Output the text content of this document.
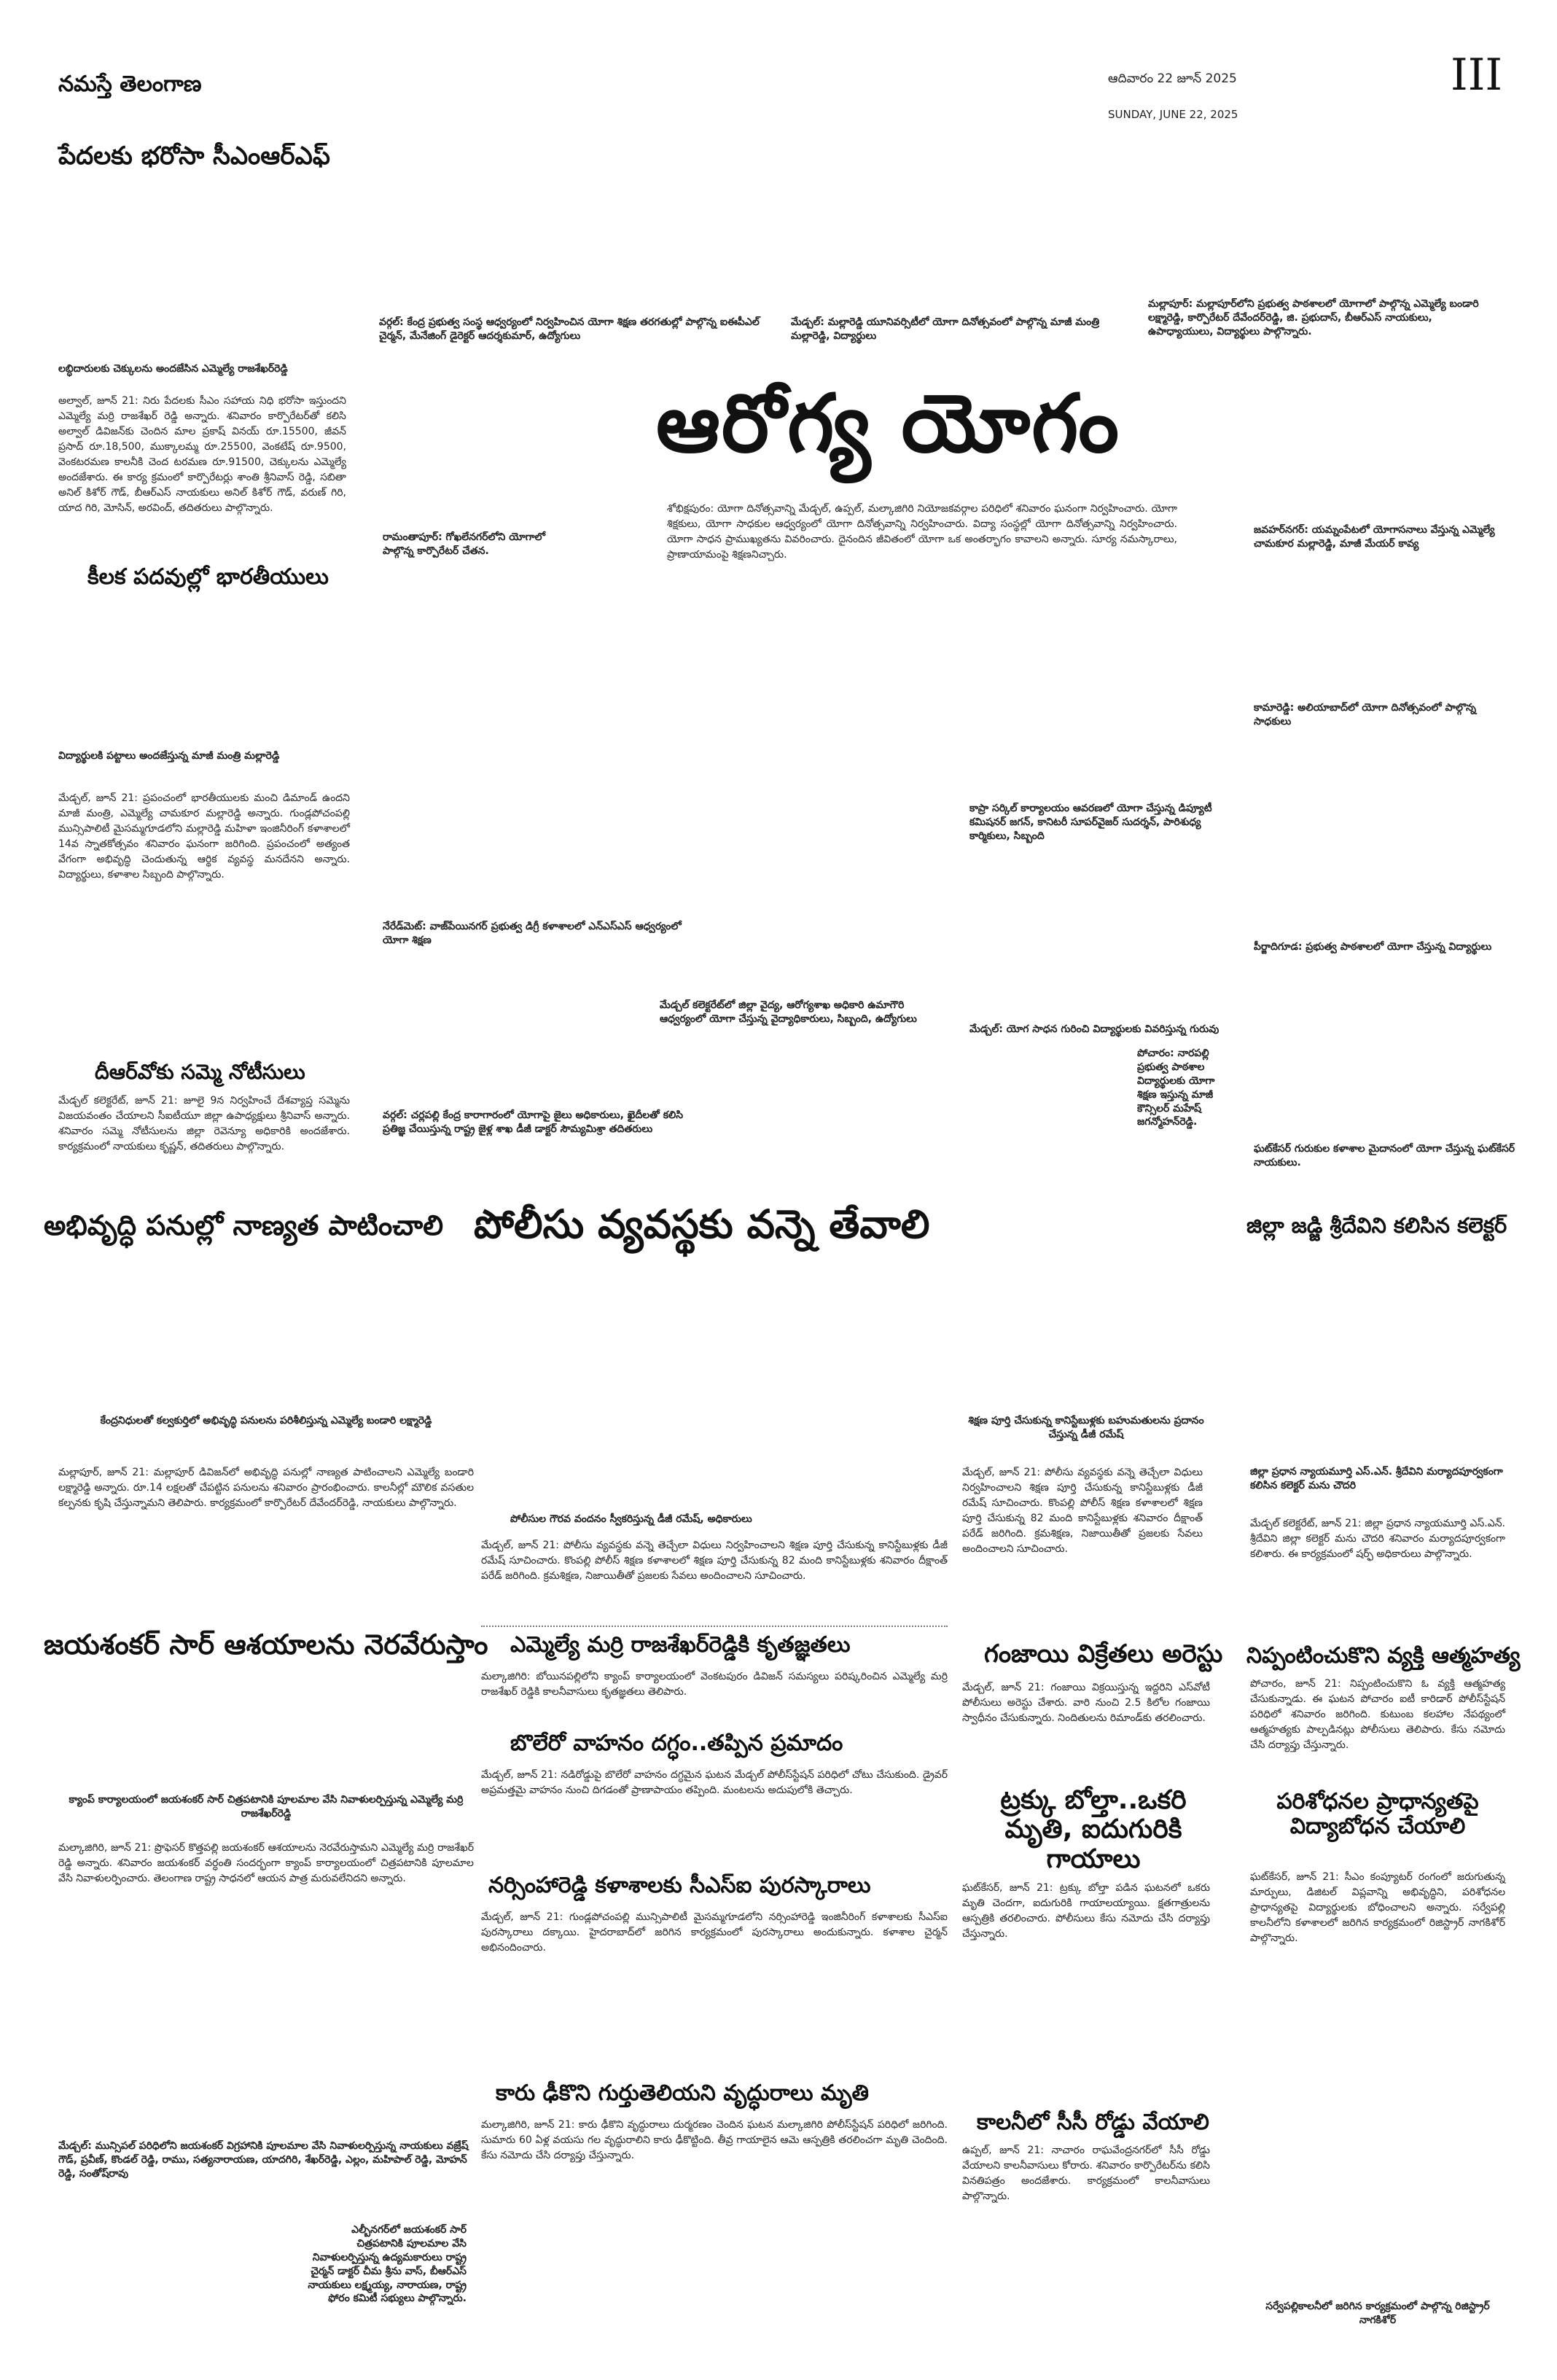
నమస్తే తెలంగాణ	ఆదివారం 22 జూన్ 2025
SUNDAY, JUNE 22, 2025
III
పేదలకు భరోసా సీఎంఆర్ఎఫ్
లబ్ధిదారులకు చెక్కులను అందజేసిన ఎమ్మెల్యే రాజశేఖర్‌రెడ్డి
అల్వాల్, జూన్ 21: నిరు పేదలకు సీఎం సహాయ నిధి భరోసా ఇస్తుందని ఎమ్మెల్యే మర్రి రాజశేఖర్ రెడ్డి అన్నారు. శనివారం కార్పొరేటర్‌తో కలిసి అల్వాల్ డివిజన్‌కు చెందిన మాల ప్రకాష్ వినయ్ రూ.15500, జీవన్ ప్రసాద్ రూ.18,500, ముక్కాలమ్మ రూ.25500, వెంకటేష్ రూ.9500, వెంకటరమణ కాలనీకి చెంద టరమణ రూ.91500, చెక్కులను ఎమ్మెల్యే అందజేశారు. ఈ కార్య క్రమంలో కార్పొరేటర్లు శాంతి శ్రీనివాస్ రెడ్డి, సబితా అనిల్ కిశోర్ గౌడ్, బీఆర్ఎస్ నాయకులు అనిల్ కిశోర్ గౌడ్, వరుణ్ గిరి, యాద గిరి, మోసిన్, అరవింద్, తదితరులు పాల్గొన్నారు.
కీలక పదవుల్లో భారతీయులు
విద్యార్థులకి పట్టాలు అందజేస్తున్న మాజీ మంత్రి మల్లారెడ్డి
మేడ్చల్, జూన్ 21: ప్రపంచంలో భారతీయులకు మంచి డిమాండ్ ఉందని మాజీ మంత్రి, ఎమ్మెల్యే చామకూర మల్లారెడ్డి అన్నారు. గుండ్లపోచంపల్లి మున్సిపాలిటీ మైసమ్మగూడలోని మల్లారెడ్డి మహిళా ఇంజినీరింగ్ కళాశాలలో 14వ స్నాతకోత్సవం శనివారం ఘనంగా జరిగింది. ప్రపంచంలో అత్యంత వేగంగా అభివృద్ధి చెందుతున్న ఆర్థిక వ్యవస్థ మనదేనని అన్నారు. విద్యార్థులు, కళాశాల సిబ్బంది పాల్గొన్నారు.
దీఆర్‌వోకు సమ్మె నోటీసులు
మేడ్చల్ కలెక్టరేట్, జూన్ 21: జూలై 9న నిర్వహించే దేశవ్యాప్త సమ్మెను విజయవంతం చేయాలని సీఐటీయూ జిల్లా ఉపాధ్యక్షులు శ్రీనివాస్ అన్నారు. శనివారం సమ్మె నోటీసులను జిల్లా రెవెన్యూ అధికారికి అందజేశారు. కార్యక్రమంలో నాయకులు కృష్ణన్, తదితరులు పాల్గొన్నారు.
ఆరోగ్య యోగం
వర్గల్: కేంద్ర ప్రభుత్వ సంస్థ ఆధ్వర్యంలో నిర్వహించిన యోగా శిక్షణ తరగతుల్లో పాల్గొన్న ఐఈపీఎల్ చైర్మన్, మేనేజింగ్ డైరెక్టర్ ఆదర్శకుమార్, ఉద్యోగులు
మేడ్చల్: మల్లారెడ్డి యూనివర్సిటీలో యోగా దినోత్సవంలో పాల్గొన్న మాజీ మంత్రి మల్లారెడ్డి, విద్యార్థులు
మల్లాపూర్: మల్లాపూర్‌లోని ప్రభుత్వ పాఠశాలలో యోగాలో పాల్గొన్న ఎమ్మెల్యే బండారి లక్ష్మారెడ్డి, కార్పొరేటర్ దేవేందర్‌రెడ్డి, జి. ప్రభుదాస్, బీఆర్ఎస్ నాయకులు, ఉపాధ్యాయులు, విద్యార్థులు పాల్గొన్నారు.
రామంతాపూర్: గోఖలేనగర్‌లోని యోగాలో పాల్గొన్న కార్పొరేటర్ చేతన.
శోభిక్షపురం: యోగా దినోత్సవాన్ని మేడ్చల్, ఉప్పల్, మల్కాజిగిరి నియోజకవర్గాల పరిధిలో శనివారం ఘనంగా నిర్వహించారు. యోగా శిక్షకులు, యోగా సాధకుల ఆధ్వర్యంలో యోగా దినోత్సవాన్ని నిర్వహించారు. విద్యా సంస్థల్లో యోగా దినోత్సవాన్ని నిర్వహించారు. యోగా సాధన ప్రాముఖ్యతను వివరించారు. దైనందిన జీవితంలో యోగా ఒక అంతర్భాగం కావాలని అన్నారు. సూర్య నమస్కారాలు, ప్రాణాయామంపై శిక్షణనిచ్చారు.
జవహర్‌నగర్: యమ్నంపేటలో యోగాసనాలు వేస్తున్న ఎమ్మెల్యే చామకూర మల్లారెడ్డి, మాజీ మేయర్ కావ్య
కామారెడ్డి: అలియాబాద్‌లో యోగా దినోత్సవంలో పాల్గొన్న సాధకులు
కాప్రా సర్కిల్ కార్యాలయం ఆవరణలో యోగా చేస్తున్న డిప్యూటీ కమిషనర్ జగన్, కానిటరీ సూపర్‌వైజర్ సుదర్శన్, పారిశుధ్య కార్మికులు, సిబ్బంది
నేరేడ్‌మెట్: వాజ్‌పేయినగర్ ప్రభుత్వ డిగ్రీ కళాశాలలో ఎన్ఎస్ఎస్ ఆధ్వర్యంలో యోగా శిక్షణ
పీర్జాదిగూడ: ప్రభుత్వ పాఠశాలలో యోగా చేస్తున్న విద్యార్థులు
మేడ్చల్ కలెక్టరేట్‌లో జిల్లా వైద్య, ఆరోగ్యశాఖ అధికారి ఉమాగౌరి ఆధ్వర్యంలో యోగా చేస్తున్న వైద్యాధికారులు, సిబ్బంది, ఉద్యోగులు
మేడ్చల్: యోగ సాధన గురించి విద్యార్థులకు వివరిస్తున్న గురువు
పోచారం: నారపల్లి ప్రభుత్వ పాఠశాల విద్యార్థులకు యోగా శిక్షణ ఇస్తున్న మాజీ కౌన్సిలర్ మహేష్ జగన్మోహన్‌రెడ్డి.
వర్గల్: చర్లపల్లి కేంద్ర కారాగారంలో యోగాపై జైలు అధికారులు, ఖైదీలతో కలిసి ప్రతిజ్ఞ చేయిస్తున్న రాష్ట్ర జైళ్ల శాఖ డీజీ డాక్టర్ సౌమ్యమిశ్రా తదితరులు
ఘట్‌కేసర్ గురుకుల కళాశాల మైదానంలో యోగా చేస్తున్న ఘట్‌కేసర్ నాయకులు.
అభివృద్ధి పనుల్లో నాణ్యత పాటించాలి పోలీసు వ్యవస్థకు వన్నె తేవాలి	జిల్లా జడ్జి శ్రీదేవిని కలిసిన కలెక్టర్
కేంద్రనిధులతో కల్వకుర్తిలో అభివృద్ధి పనులను పరిశీలిస్తున్న ఎమ్మెల్యే బండారి లక్ష్మారెడ్డి
మల్లాపూర్, జూన్ 21: మల్లాపూర్ డివిజన్‌లో అభివృద్ధి పనుల్లో నాణ్యత పాటించాలని ఎమ్మెల్యే బండారి లక్ష్మారెడ్డి అన్నారు. రూ.14 లక్షలతో చేపట్టిన పనులను శనివారం ప్రారంభించారు. కాలనీల్లో మౌలిక వసతుల కల్పనకు కృషి చేస్తున్నామని తెలిపారు. కార్యక్రమంలో కార్పొరేటర్ దేవేందర్‌రెడ్డి, నాయకులు పాల్గొన్నారు.
జయశంకర్ సార్ ఆశయాలను నెరవేరుస్తాం
క్యాంప్ కార్యాలయంలో జయశంకర్ సార్ చిత్రపటానికి పూలమాల వేసి నివాళులర్పిస్తున్న ఎమ్మెల్యే మర్రి రాజశేఖర్‌రెడ్డి
మల్కాజిగిరి, జూన్ 21: ప్రొఫెసర్ కొత్తపల్లి జయశంకర్ ఆశయాలను నెరవేరుస్తామని ఎమ్మెల్యే మర్రి రాజశేఖర్ రెడ్డి అన్నారు. శనివారం జయశంకర్ వర్ధంతి సందర్భంగా క్యాంప్ కార్యాలయంలో చిత్రపటానికి పూలమాల వేసి నివాళులర్పించారు. తెలంగాణ రాష్ట్ర సాధనలో ఆయన పాత్ర మరువలేనిదని అన్నారు.
మేడ్చల్: మున్సిపల్ పరిధిలోని జయశంకర్ విగ్రహానికి పూలమాల వేసి నివాళులర్పిస్తున్న నాయకులు వజ్రేష్ గౌడ్, ప్రవీణ్, కొండల్ రెడ్డి, రాము, సత్యనారాయణ, యాదగిరి, శేఖర్‌రెడ్డి, ఎల్లం, మహిపాల్ రెడ్డి, మోహన్ రెడ్డి, సంతోష్‌రావు
ఎల్బీనగర్‌లో జయశంకర్ సార్ చిత్రపటానికి పూలమాల వేసి నివాళులర్పిస్తున్న ఉద్యమకారులు రాష్ట్ర చైర్మన్ డాక్టర్ చీమ శ్రీను వాస్, బీఆర్ఎస్ నాయకులు లక్ష్మయ్య, నారాయణ, రాష్ట్ర ఫోరం కమిటీ సభ్యులు పాల్గొన్నారు.
పోలీసుల గౌరవ వందనం స్వీకరిస్తున్న డీజీ రమేష్, అధికారులు
మేడ్చల్, జూన్ 21: పోలీసు వ్యవస్థకు వన్నె తెచ్చేలా విధులు నిర్వహించాలని శిక్షణ పూర్తి చేసుకున్న కానిస్టేబుళ్లకు డీజీ రమేష్ సూచించారు. కొంపల్లి పోలీస్ శిక్షణ కళాశాలలో శిక్షణ పూర్తి చేసుకున్న 82 మంది కానిస్టేబుళ్లకు శనివారం దీక్షాంత్ పరేడ్ జరిగింది. క్రమశిక్షణ, నిజాయితీతో ప్రజలకు సేవలు అందించాలని సూచించారు.
ఎమ్మెల్యే మర్రి రాజశేఖర్‌రెడ్డికి కృతజ్ఞతలు
మల్కాజిగిరి: బోయినపల్లిలోని క్యాంప్ కార్యాలయంలో వెంకటపురం డివిజన్ సమస్యలు పరిష్కరించిన ఎమ్మెల్యే మర్రి రాజశేఖర్ రెడ్డికి కాలనీవాసులు కృతజ్ఞతలు తెలిపారు.
బొలేరో వాహనం దగ్ధం..తప్పిన ప్రమాదం
మేడ్చల్, జూన్ 21: నడిరోడ్డుపై బొలేరో వాహనం దగ్ధమైన ఘటన మేడ్చల్ పోలీస్‌స్టేషన్ పరిధిలో చోటు చేసుకుంది. డ్రైవర్ అప్రమత్తమై వాహనం నుంచి దిగడంతో ప్రాణాపాయం తప్పింది. మంటలను అదుపులోకి తెచ్చారు.
నర్సింహారెడ్డి కళాశాలకు సీఎస్‌ఐ పురస్కారాలు
మేడ్చల్, జూన్ 21: గుండ్లపోచంపల్లి మున్సిపాలిటీ మైసమ్మగూడలోని నర్సింహారెడ్డి ఇంజినీరింగ్ కళాశాలకు సీఎస్‌ఐ పురస్కారాలు దక్కాయి. హైదరాబాద్‌లో జరిగిన కార్యక్రమంలో పురస్కారాలు అందుకున్నారు. కళాశాల చైర్మన్ అభినందించారు.
కారు ఢీకొని గుర్తుతెలియని వృద్ధురాలు మృతి
మల్కాజిగిరి, జూన్ 21: కారు ఢీకొని వృద్ధురాలు దుర్మరణం చెందిన ఘటన మల్కాజిగిరి పోలీస్‌స్టేషన్ పరిధిలో జరిగింది. సుమారు 60 ఏళ్ల వయసు గల వృద్ధురాలిని కారు ఢీకొట్టింది. తీవ్ర గాయాలైన ఆమె ఆస్పత్రికి తరలించగా మృతి చెందింది. కేసు నమోదు చేసి దర్యాప్తు చేస్తున్నారు.
శిక్షణ పూర్తి చేసుకున్న కానిస్టేబుళ్లకు బహుమతులను ప్రదానం చేస్తున్న డీజీ రమేష్
మేడ్చల్, జూన్ 21: పోలీసు వ్యవస్థకు వన్నె తెచ్చేలా విధులు నిర్వహించాలని శిక్షణ పూర్తి చేసుకున్న కానిస్టేబుళ్లకు డీజీ రమేష్ సూచించారు. కొంపల్లి పోలీస్ శిక్షణ కళాశాలలో శిక్షణ పూర్తి చేసుకున్న 82 మంది కానిస్టేబుళ్లకు శనివారం దీక్షాంత్ పరేడ్ జరిగింది. క్రమశిక్షణ, నిజాయితీతో ప్రజలకు సేవలు అందించాలని సూచించారు.
గంజాయి విక్రేతలు అరెస్టు
మేడ్చల్, జూన్ 21: గంజాయి విక్రయిస్తున్న ఇద్దరిని ఎస్‌వోటీ పోలీసులు అరెస్టు చేశారు. వారి నుంచి 2.5 కిలోల గంజాయి స్వాధీనం చేసుకున్నారు. నిందితులను రిమాండ్‌కు తరలించారు.
ట్రక్కు బోల్తా..ఒకరి మృతి, ఐదుగురికి గాయాలు
ఘట్‌కేసర్, జూన్ 21: ట్రక్కు బోల్తా పడిన ఘటనలో ఒకరు మృతి చెందగా, ఐదుగురికి గాయాలయ్యాయి. క్షతగాత్రులను ఆస్పత్రికి తరలించారు. పోలీసులు కేసు నమోదు చేసి దర్యాప్తు చేస్తున్నారు.
కాలనీలో సీసీ రోడ్డు వేయాలి
ఉప్పల్, జూన్ 21: నాచారం రాఘవేంద్రనగర్‌లో సీసీ రోడ్డు వేయాలని కాలనీవాసులు కోరారు. శనివారం కార్పొరేటర్‌ను కలిసి వినతిపత్రం అందజేశారు. కార్యక్రమంలో కాలనీవాసులు పాల్గొన్నారు.
జిల్లా ప్రధాన న్యాయమూర్తి ఎస్.ఎన్. శ్రీదేవిని మర్యాదపూర్వకంగా కలిసిన కలెక్టర్ మను చౌదరి
మేడ్చల్ కలెక్టరేట్, జూన్ 21: జిల్లా ప్రధాన న్యాయమూర్తి ఎస్.ఎన్. శ్రీదేవిని జిల్లా కలెక్టర్ మను చౌదరి శనివారం మర్యాదపూర్వకంగా కలిశారు. ఈ కార్యక్రమంలో షర్ఫ్ అధికారులు పాల్గొన్నారు.
నిప్పంటించుకొని వ్యక్తి ఆత్మహత్య
పోచారం, జూన్ 21: నిప్పంటించుకొని ఓ వ్యక్తి ఆత్మహత్య చేసుకున్నాడు. ఈ ఘటన పోచారం ఐటీ కారిడార్ పోలీస్‌స్టేషన్ పరిధిలో శనివారం జరిగింది. కుటుంబ కలహాల నేపథ్యంలో ఆత్మహత్యకు పాల్పడినట్లు పోలీసులు తెలిపారు. కేసు నమోదు చేసి దర్యాప్తు చేస్తున్నారు.
పరిశోధనల ప్రాధాన్యతపై విద్యాబోధన చేయాలి
ఘట్‌కేసర్, జూన్ 21: సీఎం కంప్యూటర్ రంగంలో జరుగుతున్న మార్పులు, డిజిటల్ విప్లవాన్ని అభివృద్ధిని, పరిశోధనల ప్రాధాన్యతపై విద్యార్థులకు బోధించాలని అన్నారు. సర్వేపల్లి కాలనీలోని కళాశాలలో జరిగిన కార్యక్రమంలో రిజిస్ట్రార్ నాగకిశోర్ పాల్గొన్నారు.
సర్వేపల్లికాలనీలో జరిగిన కార్యక్రమంలో పాల్గొన్న రిజిస్ట్రార్ నాగకిశోర్
